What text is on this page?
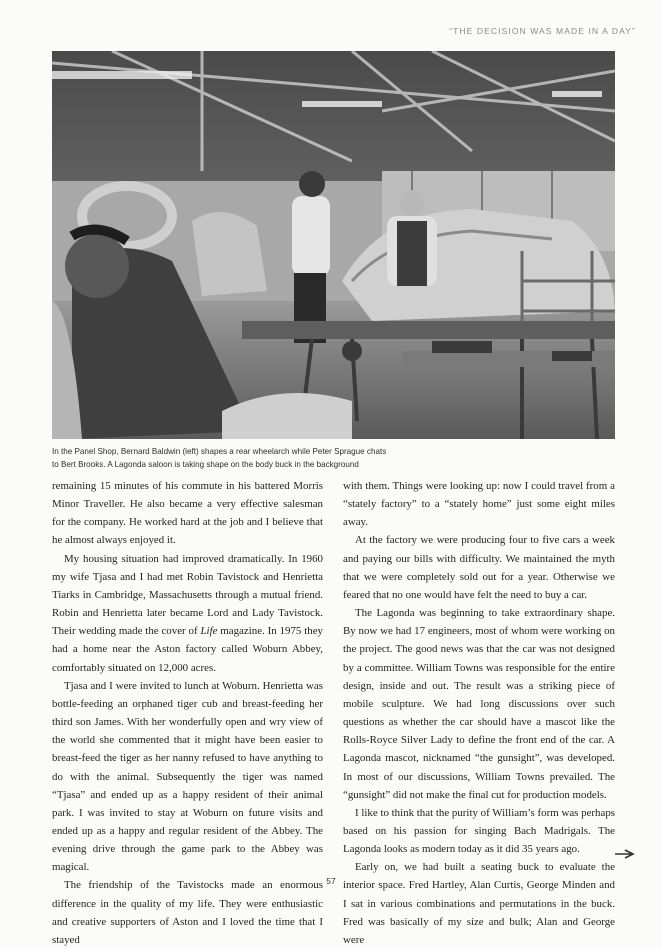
“THE DECISION WAS MADE IN A DAY”
In the Panel Shop, Bernard Baldwin (left) shapes a rear wheelarch while Peter Sprague chats
to Bert Brooks. A Lagonda saloon is taking shape on the body buck in the background

remaining 15 minutes of his commute in his battered Morris Minor Traveller. He also became a very effective salesman for the company. He worked hard at the job and I believe that he almost always enjoyed it.

My housing situation had improved dramatically. In 1960 my wife Tjasa and I had met Robin Tavistock and Henrietta Tiarks in Cambridge, Massachusetts through a mutual friend. Robin and Henrietta later became Lord and Lady Tavistock. Their wedding made the cover of Life magazine. In 1975 they had a home near the Aston factory called Woburn Abbey, comfortably situated on 12,000 acres.

Tjasa and I were invited to lunch at Woburn. Henrietta was bottle-feeding an orphaned tiger cub and breast-feeding her third son James. With her wonderfully open and wry view of the world she commented that it might have been easier to breast-feed the tiger as her nanny refused to have anything to do with the animal. Subsequently the tiger was named “Tjasa” and ended up as a happy resident of their animal park. I was invited to stay at Woburn on future visits and ended up as a happy and regular resident of the Abbey. The evening drive through the game park to the Abbey was magical.

The friendship of the Tavistocks made an enormous difference in the quality of my life. They were enthusiastic and creative supporters of Aston and I loved the time that I stayed

with them. Things were looking up: now I could travel from a “stately factory” to a “stately home” just some eight miles away.

At the factory we were producing four to five cars a week and paying our bills with difficulty. We maintained the myth that we were completely sold out for a year. Otherwise we feared that no one would have felt the need to buy a car.

The Lagonda was beginning to take extraordinary shape. By now we had 17 engineers, most of whom were working on the project. The good news was that the car was not designed by a committee. William Towns was responsible for the entire design, inside and out. The result was a striking piece of mobile sculpture. We had long discussions over such questions as whether the car should have a mascot like the Rolls-Royce Silver Lady to define the front end of the car. A Lagonda mascot, nicknamed “the gunsight”, was developed. In most of our discussions, William Towns prevailed. The “gunsight” did not make the final cut for production models.

I like to think that the purity of William’s form was perhaps based on his passion for singing Bach Madrigals. The Lagonda looks as modern today as it did 35 years ago.

Early on, we had built a seating buck to evaluate the interior space. Fred Hartley, Alan Curtis, George Minden and I sat in various combinations and permutations in the buck. Fred was basically of my size and bulk; Alan and George were

57
